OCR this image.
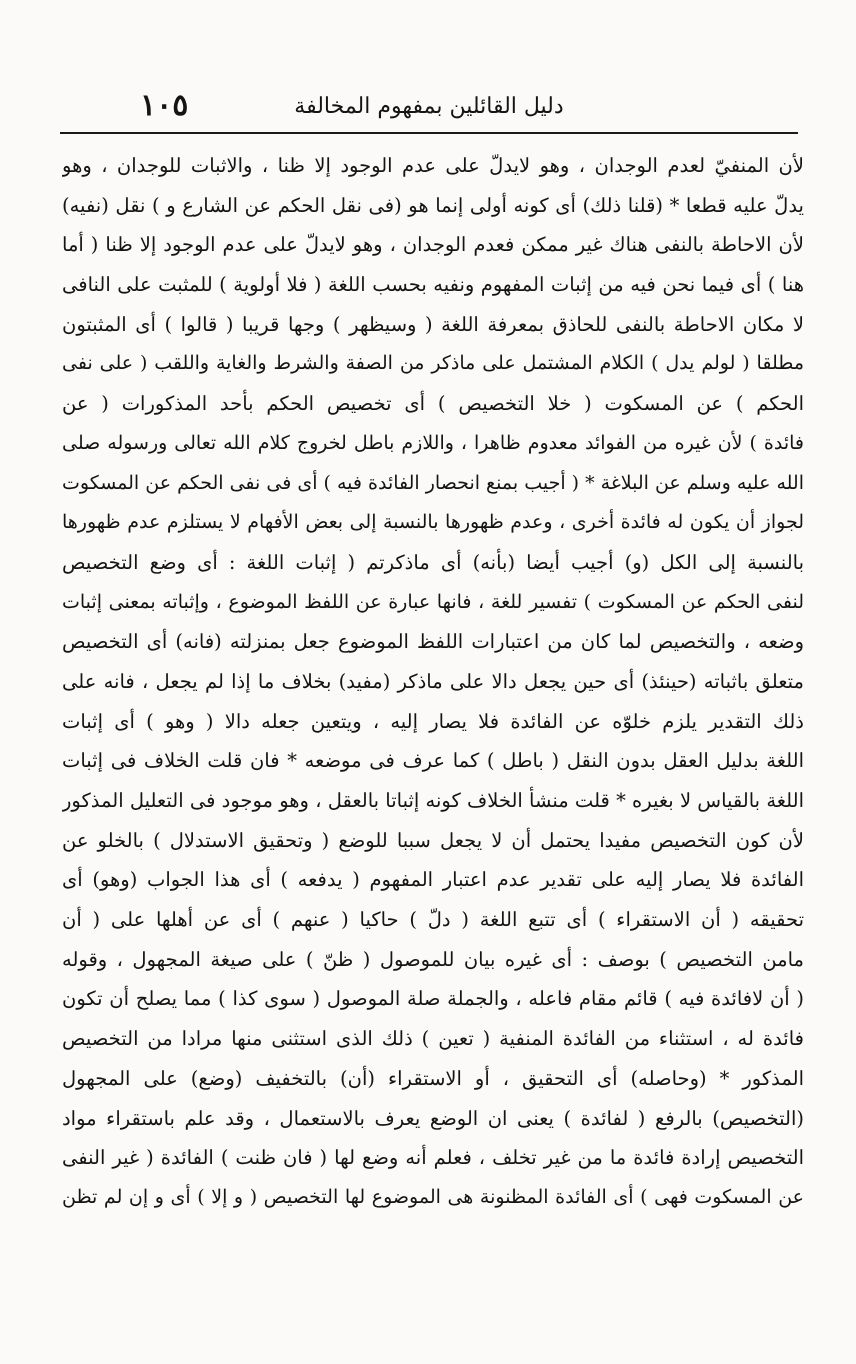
١٠٥	دليل القائلين بمفهوم المخالفة
لأن المنفيّ لعدم الوجدان ، وهو لايدلّ على عدم الوجود إلا ظنا ، والاثبات للوجدان ، وهو
يدلّ عليه قطعا * (قلنا ذلك) أى كونه أولى إنما هو (فى نقل الحكم عن الشارع و ) نقل (نفيه)
لأن الاحاطة بالنفى هناك غير ممكن فعدم الوجدان ، وهو لايدلّ على عدم الوجود إلا ظنا ( أما
هنا ) أى فيما نحن فيه من إثبات المفهوم ونفيه بحسب اللغة ( فلا أولوية ) للمثبت على النافى
لا مكان الاحاطة بالنفى للحاذق بمعرفة اللغة ( وسيظهر ) وجها قريبا ( قالوا ) أى المثبتون
مطلقا ( لولم يدل ) الكلام المشتمل على ماذكر من الصفة والشرط والغاية واللقب ( على نفى
الحكم ) عن المسكوت ( خلا التخصيص ) أى تخصيص الحكم بأحد المذكورات ( عن
فائدة ) لأن غيره من الفوائد معدوم ظاهرا ، واللازم باطل لخروج كلام الله تعالى ورسوله صلى
الله عليه وسلم عن البلاغة * ( أجيب بمنع انحصار الفائدة فيه ) أى فى نفى الحكم عن المسكوت
لجواز أن يكون له فائدة أخرى ، وعدم ظهورها بالنسبة إلى بعض الأفهام لا يستلزم عدم ظهورها
بالنسبة إلى الكل (و) أجيب أيضا (بأنه) أى ماذكرتم ( إثبات اللغة : أى وضع التخصيص
لنفى الحكم عن المسكوت ) تفسير للغة ، فانها عبارة عن اللفظ الموضوع ، وإثباته بمعنى إثبات
وضعه ، والتخصيص لما كان من اعتبارات اللفظ الموضوع جعل بمنزلته (فانه) أى التخصيص
متعلق باثباته (حينئذ) أى حين يجعل دالا على ماذكر (مفيد) بخلاف ما إذا لم يجعل ، فانه على
ذلك التقدير يلزم خلوّه عن الفائدة فلا يصار إليه ، ويتعين جعله دالا ( وهو ) أى إثبات
اللغة بدليل العقل بدون النقل ( باطل ) كما عرف فى موضعه * فان قلت الخلاف فى إثبات
اللغة بالقياس لا بغيره * قلت منشأ الخلاف كونه إثباتا بالعقل ، وهو موجود فى التعليل المذكور
لأن كون التخصيص مفيدا يحتمل أن لا يجعل سببا للوضع ( وتحقيق الاستدلال ) بالخلو عن
الفائدة فلا يصار إليه على تقدير عدم اعتبار المفهوم ( يدفعه ) أى هذا الجواب (وهو) أى
تحقيقه ( أن الاستقراء ) أى تتبع اللغة ( دلّ ) حاكيا ( عنهم ) أى عن أهلها على ( أن
مامن التخصيص ) بوصف : أى غيره بيان للموصول ( ظنّ ) على صيغة المجهول ، وقوله
( أن لافائدة فيه ) قائم مقام فاعله ، والجملة صلة الموصول ( سوى كذا ) مما يصلح أن تكون
فائدة له ، استثناء من الفائدة المنفية ( تعين ) ذلك الذى استثنى منها مرادا من التخصيص
المذكور * (وحاصله) أى التحقيق ، أو الاستقراء (أن) بالتخفيف (وضع) على المجهول
(التخصيص) بالرفع ( لفائدة ) يعنى ان الوضع يعرف بالاستعمال ، وقد علم باستقراء مواد
التخصيص إرادة فائدة ما من غير تخلف ، فعلم أنه وضع لها ( فان ظنت ) الفائدة ( غير النفى
عن المسكوت فهى ) أى الفائدة المظنونة هى الموضوع لها التخصيص ( و إلا ) أى و إن لم تظن
